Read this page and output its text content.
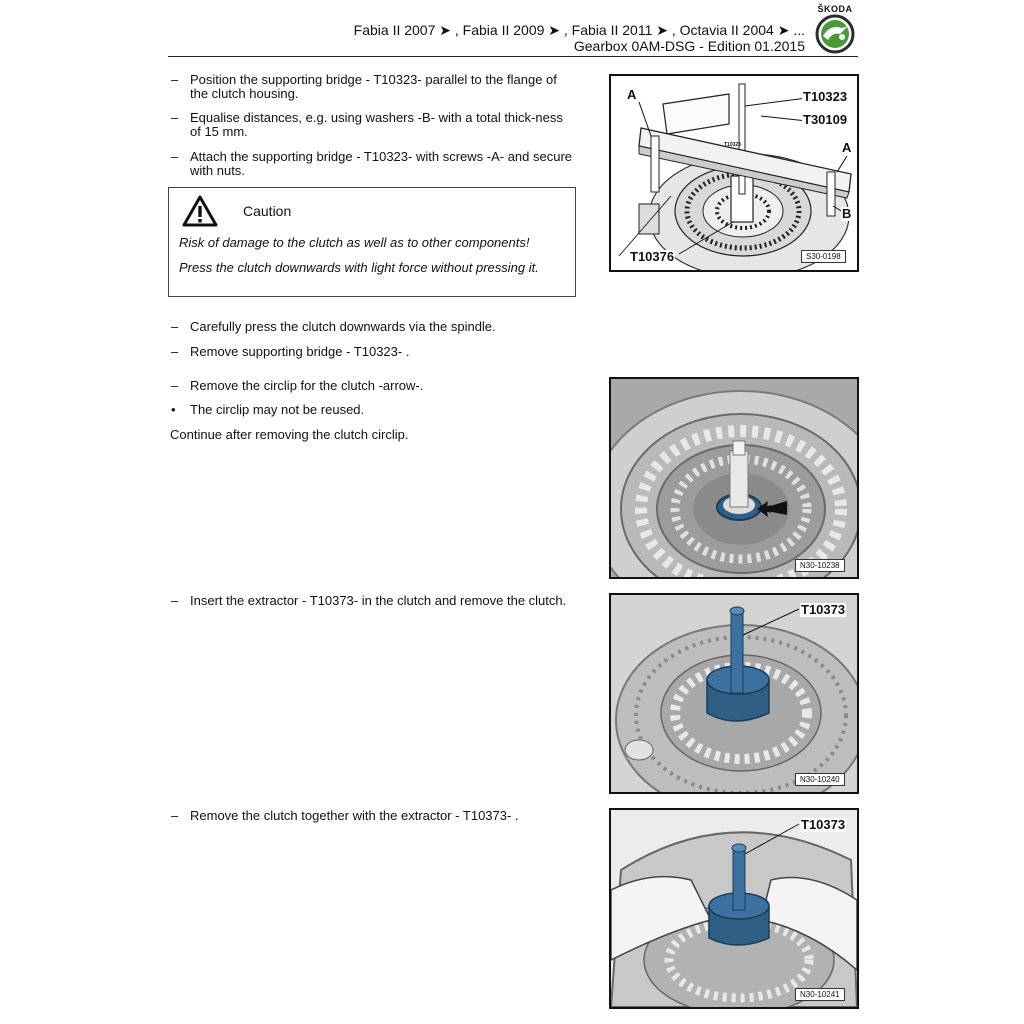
ŠKODA
Fabia II 2007 ➤ , Fabia II 2009 ➤ , Fabia II 2011 ➤ , Octavia II 2004 ➤ ...
Gearbox 0AM-DSG - Edition 01.2015
– Position the supporting bridge - T10323- parallel to the flange of the clutch housing.
– Equalise distances, e.g. using washers -B- with a total thick-ness of 15 mm.
– Attach the supporting bridge - T10323- with screws -A- and secure with nuts.
Caution
Risk of damage to the clutch as well as to other components!
Press the clutch downwards with light force without pressing it.
– Carefully press the clutch downwards via the spindle.
– Remove supporting bridge - T10323- .
– Remove the circlip for the clutch -arrow-.
• The circlip may not be reused.
Continue after removing the clutch circlip.
– Insert the extractor - T10373- in the clutch and remove the clutch.
– Remove the clutch together with the extractor - T10373- .
T10323
A	T10323
T30109
A
B
T10376	S30-0198
N30-10238
T10373
N30-10240
T10373
N30-10241
